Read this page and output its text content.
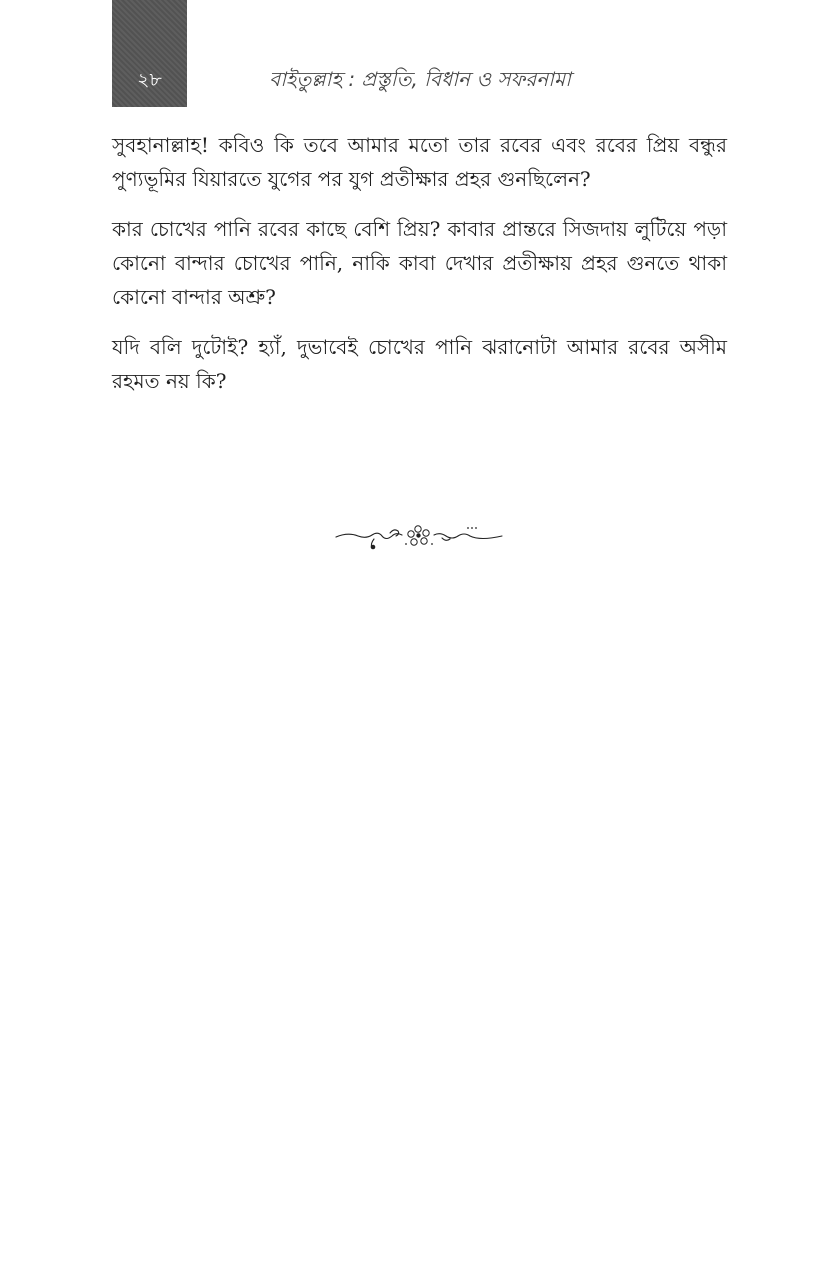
২৮	বাইতুল্লাহ : প্রস্তুতি, বিধান ও সফরনামা

সুবহানাল্লাহ! কবিও কি তবে আমার মতো তার রবের এবং রবের প্রিয় বন্ধুর পুণ্যভূমির যিয়ারতে যুগের পর যুগ প্রতীক্ষার প্রহর গুনছিলেন?

কার চোখের পানি রবের কাছে বেশি প্রিয়? কাবার প্রান্তরে সিজদায় লুটিয়ে পড়া কোনো বান্দার চোখের পানি, নাকি কাবা দেখার প্রতীক্ষায় প্রহর গুনতে থাকা কোনো বান্দার অশ্রু?

যদি বলি দুটোই? হ্যাঁ, দুভাবেই চোখের পানি ঝরানোটা আমার রবের অসীম রহমত নয় কি?
